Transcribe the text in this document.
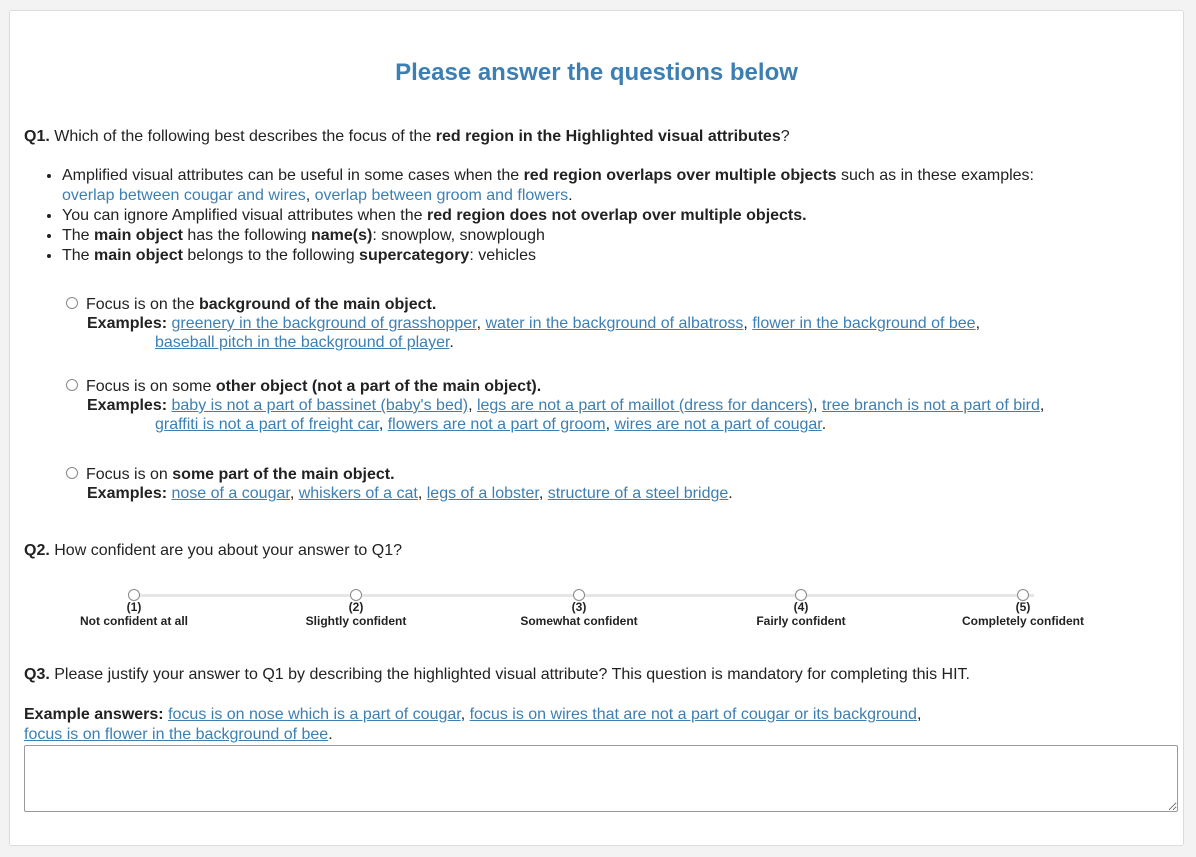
Please answer the questions below
Q1. Which of the following best describes the focus of the red region in the Highlighted visual attributes?
• Amplified visual attributes can be useful in some cases when the red region overlaps over multiple objects such as in these examples:
overlap between cougar and wires, overlap between groom and flowers.
• You can ignore Amplified visual attributes when the red region does not overlap over multiple objects.
• The main object has the following name(s): snowplow, snowplough
• The main object belongs to the following supercategory: vehicles
Focus is on the background of the main object.
Examples: greenery in the background of grasshopper, water in the background of albatross, flower in the background of bee,
baseball pitch in the background of player.
Focus is on some other object (not a part of the main object).
Examples: baby is not a part of bassinet (baby's bed), legs are not a part of maillot (dress for dancers), tree branch is not a part of bird,
graffiti is not a part of freight car, flowers are not a part of groom, wires are not a part of cougar.
Focus is on some part of the main object.
Examples: nose of a cougar, whiskers of a cat, legs of a lobster, structure of a steel bridge.
Q2. How confident are you about your answer to Q1?
(1)
Not confident at all
(2)
Slightly confident
(3)
Somewhat confident
(4)
Fairly confident
(5)
Completely confident
Q3. Please justify your answer to Q1 by describing the highlighted visual attribute? This question is mandatory for completing this HIT.
Example answers: focus is on nose which is a part of cougar, focus is on wires that are not a part of cougar or its background,
focus is on flower in the background of bee.
